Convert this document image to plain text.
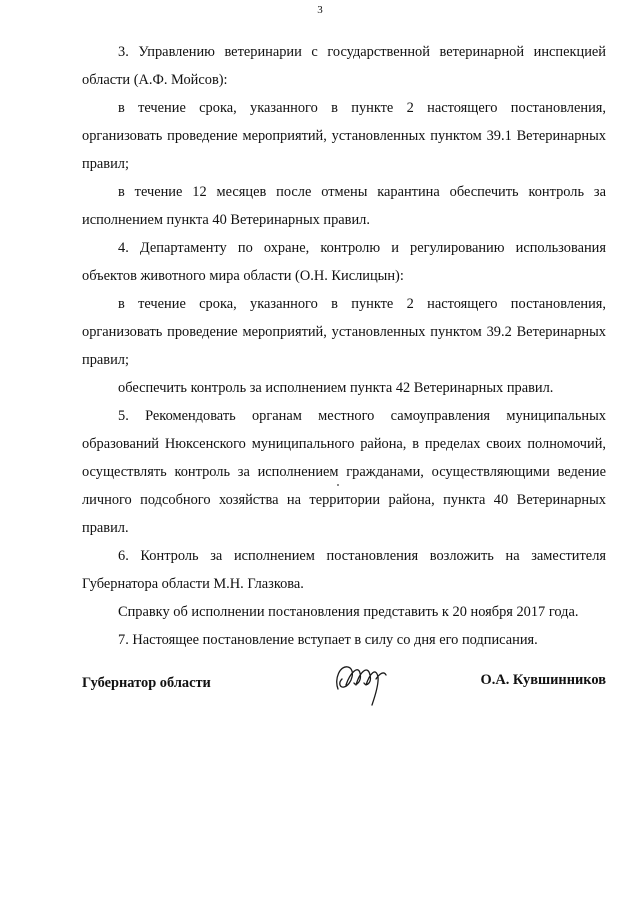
3

3. Управлению ветеринарии с государственной ветеринарной инспекцией области (А.Ф. Мойсов):

в течение срока, указанного в пункте 2 настоящего постановления, организовать проведение мероприятий, установленных пунктом 39.1 Ветеринарных правил;

в течение 12 месяцев после отмены карантина обеспечить контроль за исполнением пункта 40 Ветеринарных правил.

4. Департаменту по охране, контролю и регулированию использования объектов животного мира области (О.Н. Кислицын):

в течение срока, указанного в пункте 2 настоящего постановления, организовать проведение мероприятий, установленных пунктом 39.2 Ветеринарных правил;

обеспечить контроль за исполнением пункта 42 Ветеринарных правил.

5. Рекомендовать органам местного самоуправления муниципальных образований Нюксенского муниципального района, в пределах своих полномочий, осуществлять контроль за исполнением гражданами, осуществляющими ведение личного подсобного хозяйства на территории района, пункта 40 Ветеринарных правил.

6. Контроль за исполнением постановления возложить на заместителя Губернатора области М.Н. Глазкова.

Справку об исполнении постановления представить к 20 ноября 2017 года.

7. Настоящее постановление вступает в силу со дня его подписания.

Губернатор области	О.А. Кувшинников
